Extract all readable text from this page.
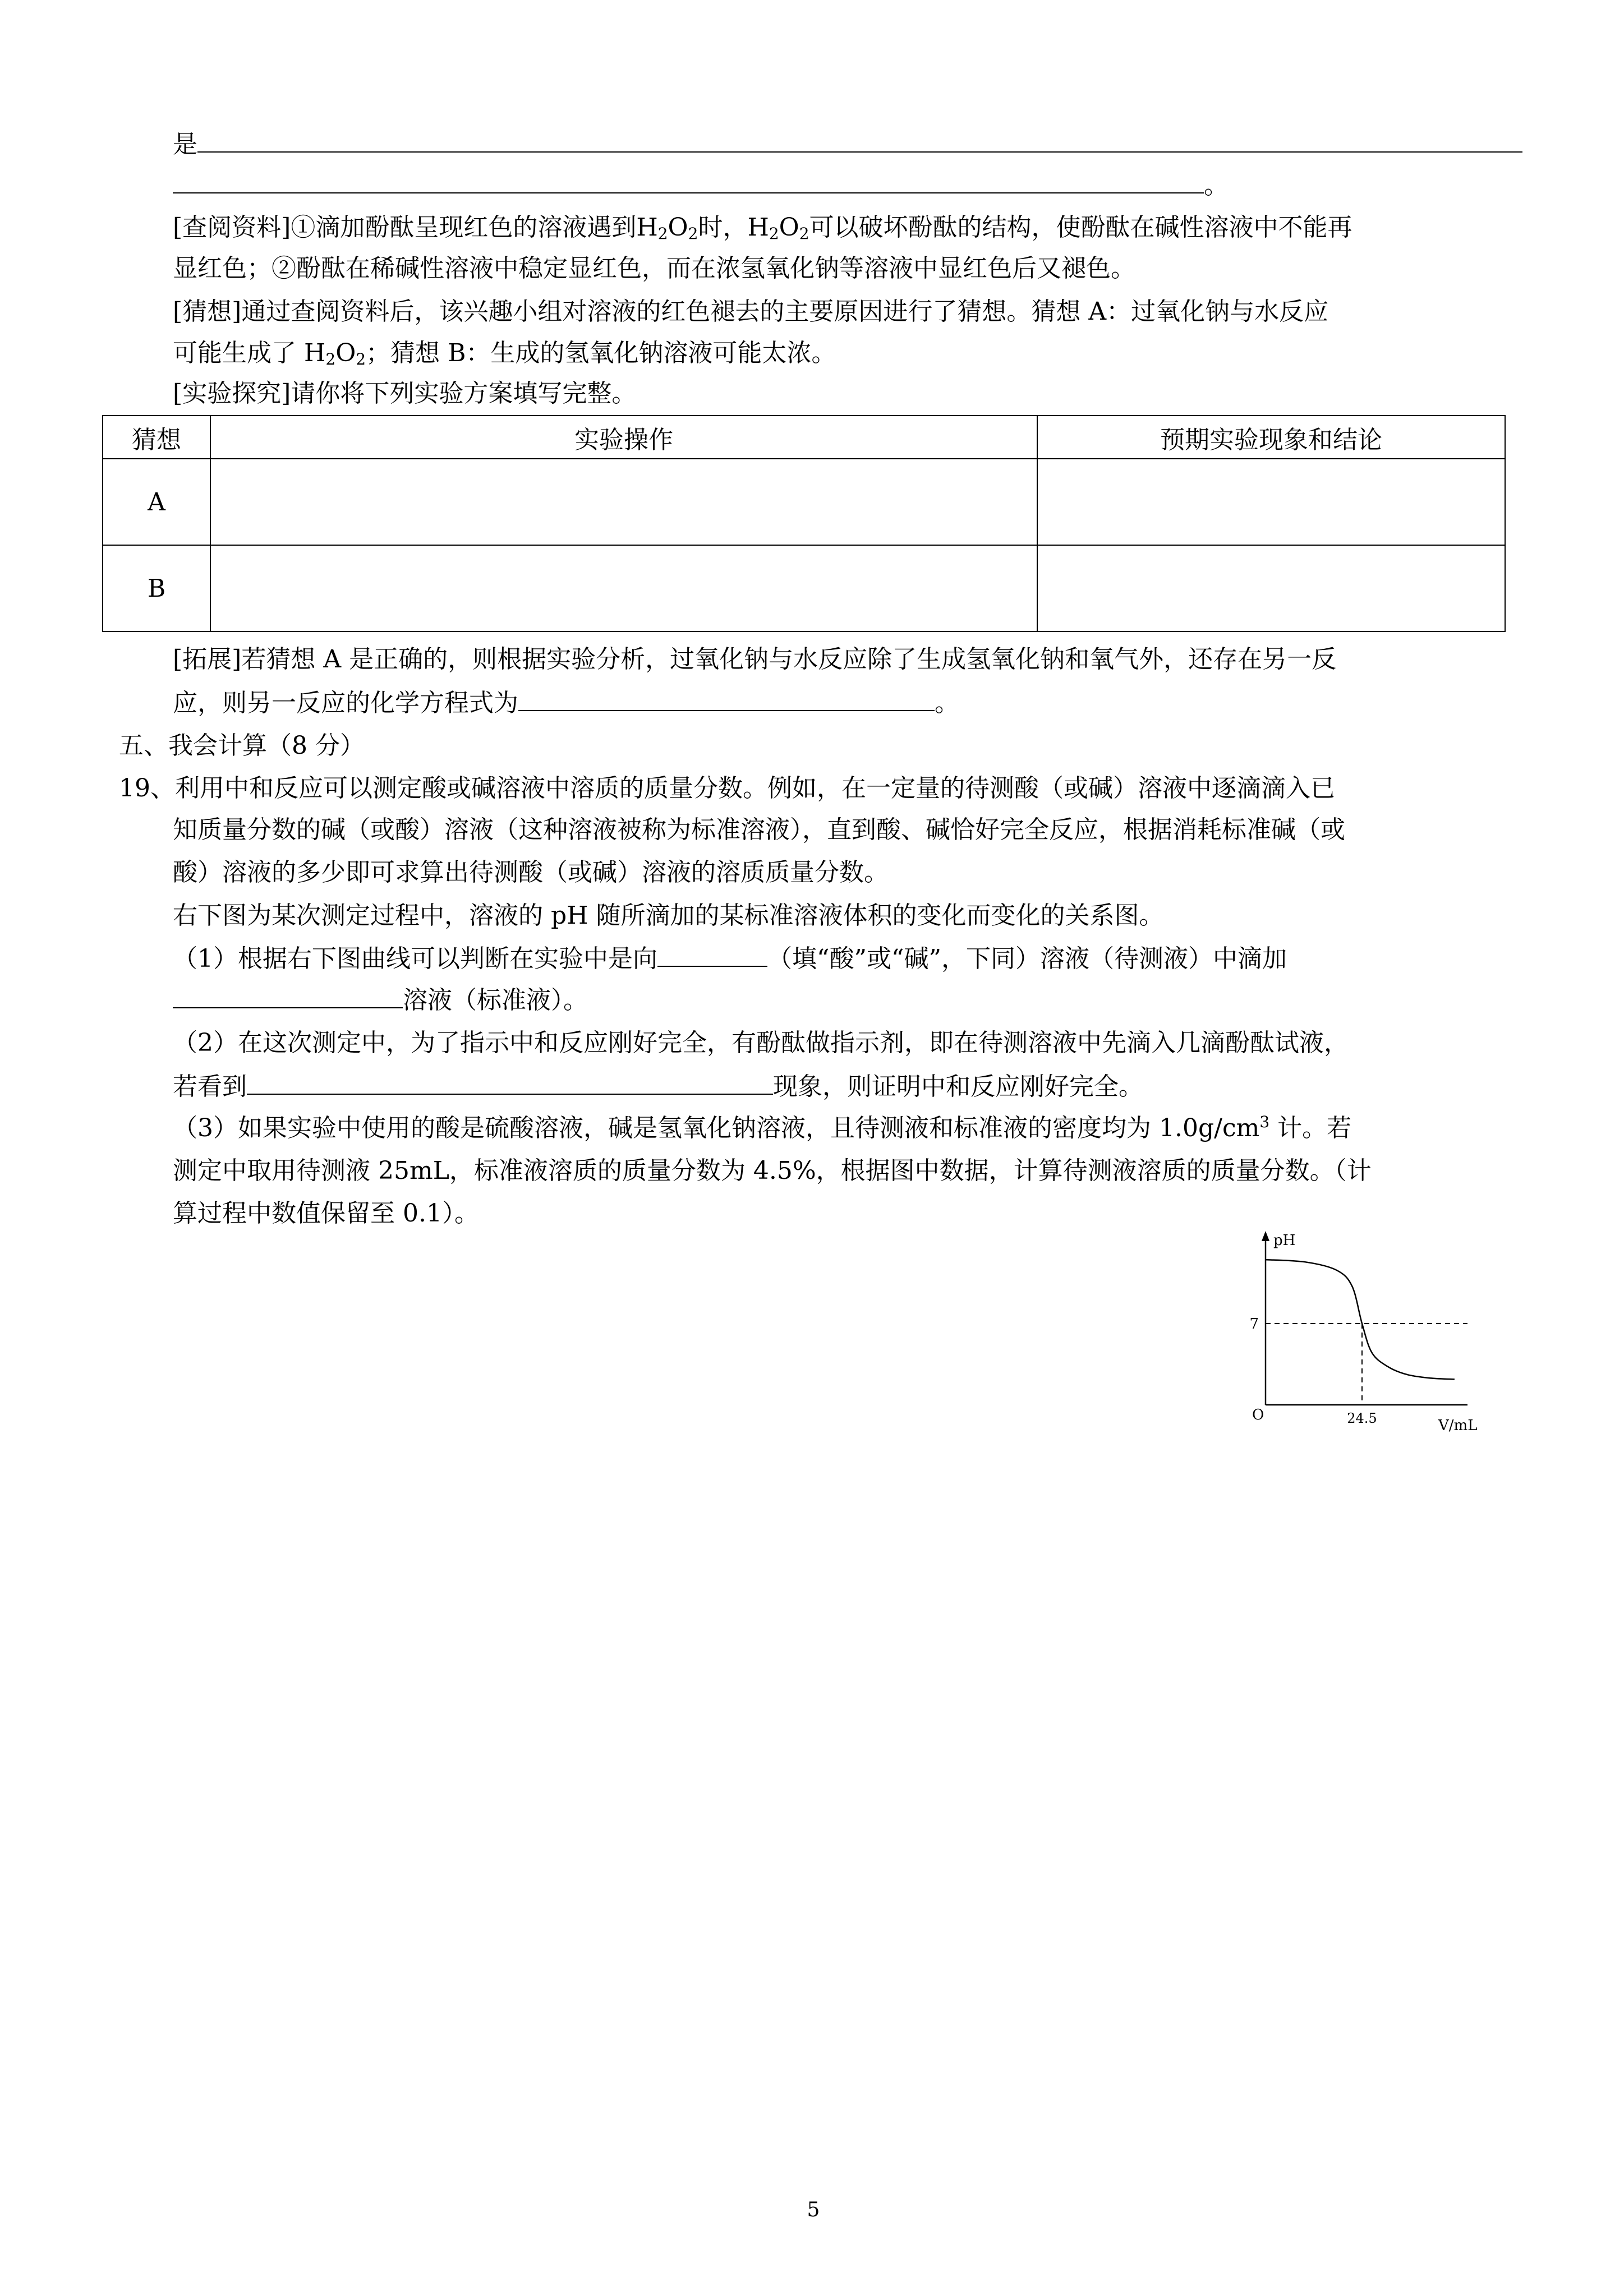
是
。
[查阅资料]①滴加酚酞呈现红色的溶液遇到$H_2O_2$时，$H_2O_2$可以破坏酚酞的结构，使酚酞在碱性溶液中不能再
显红色；②酚酞在稀碱性溶液中稳定显红色，而在浓氢氧化钠等溶液中显红色后又褪色。
[猜想]通过查阅资料后，该兴趣小组对溶液的红色褪去的主要原因进行了猜想。猜想 A：过氧化钠与水反应
可能生成了 $H_2O_2$；猜想 B：生成的氢氧化钠溶液可能太浓。
[实验探究]请你将下列实验方案填写完整。
猜想	实验操作	预期实验现象和结论
A		
B		
[拓展]若猜想 A 是正确的，则根据实验分析，过氧化钠与水反应除了生成氢氧化钠和氧气外，还存在另一反
应，则另一反应的化学方程式为	。
五、我会计算（8 分）
19、利用中和反应可以测定酸或碱溶液中溶质的质量分数。例如，在一定量的待测酸（或碱）溶液中逐滴滴入已
知质量分数的碱（或酸）溶液（这种溶液被称为标准溶液），直到酸、碱恰好完全反应，根据消耗标准碱（或
酸）溶液的多少即可求算出待测酸（或碱）溶液的溶质质量分数。
右下图为某次测定过程中，溶液的 pH 随所滴加的某标准溶液体积的变化而变化的关系图。
（1）根据右下图曲线可以判断在实验中是向	（填“酸”或“碱”，下同）溶液（待测液）中滴加
溶液（标准液）。
（2）在这次测定中，为了指示中和反应刚好完全，有酚酞做指示剂，即在待测溶液中先滴入几滴酚酞试液，
若看到	现象，则证明中和反应刚好完全。
（3）如果实验中使用的酸是硫酸溶液，碱是氢氧化钠溶液，且待测液和标准液的密度均为 $1.0g/cm^3$ 计。若
测定中取用待测液 25mL，标准液溶质的质量分数为 4.5%，根据图中数据，计算待测液溶质的质量分数。（计
算过程中数值保留至 0.1）。
pH
V/mL
O
7
24.5
5
